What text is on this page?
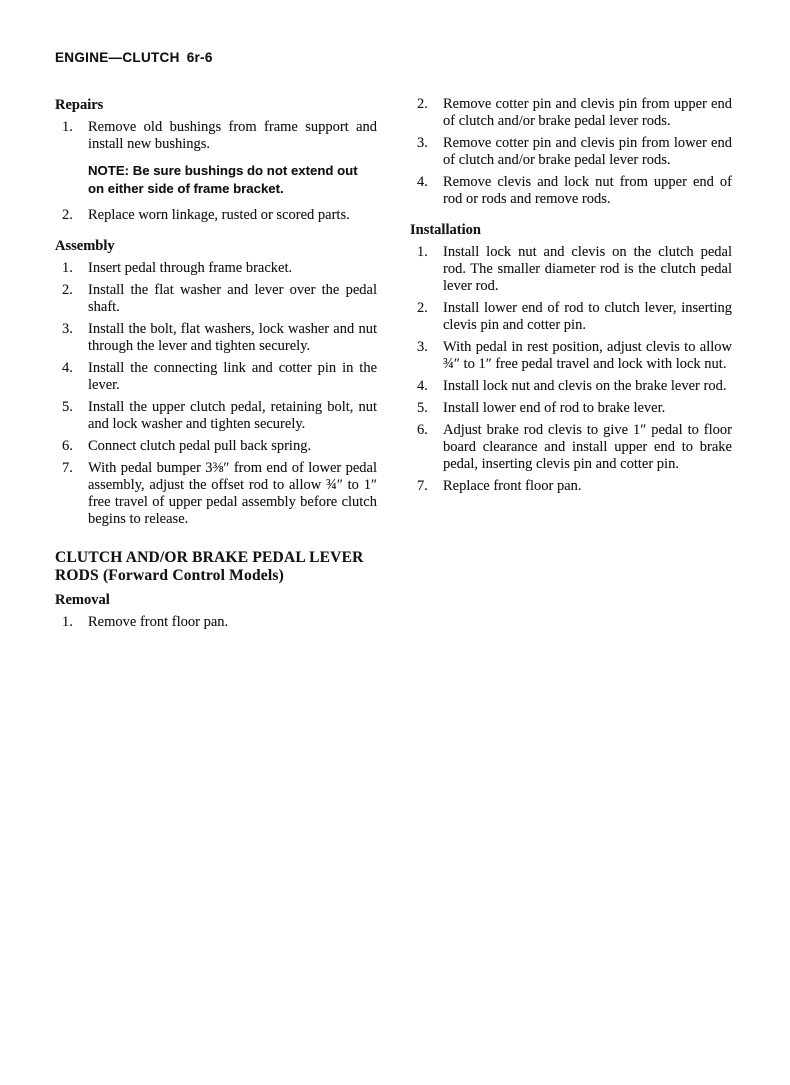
ENGINE—CLUTCH 6r-6
Repairs
1.	Remove old bushings from frame support and install new bushings.
NOTE: Be sure bushings do not extend out on either side of frame bracket.
2.	Replace worn linkage, rusted or scored parts.
Assembly
1.	Insert pedal through frame bracket.
2.	Install the flat washer and lever over the pedal shaft.
3.	Install the bolt, flat washers, lock washer and nut through the lever and tighten securely.
4.	Install the connecting link and cotter pin in the lever.
5.	Install the upper clutch pedal, retaining bolt, nut and lock washer and tighten securely.
6.	Connect clutch pedal pull back spring.
7.	With pedal bumper 3⅜″ from end of lower pedal assembly, adjust the offset rod to allow ¾″ to 1″ free travel of upper pedal assembly before clutch begins to release.
CLUTCH AND/OR BRAKE PEDAL LEVER RODS (Forward Control Models)
Removal
1.	Remove front floor pan.
2.	Remove cotter pin and clevis pin from upper end of clutch and/or brake pedal lever rods.
3.	Remove cotter pin and clevis pin from lower end of clutch and/or brake pedal lever rods.
4.	Remove clevis and lock nut from upper end of rod or rods and remove rods.
Installation
1.	Install lock nut and clevis on the clutch pedal rod. The smaller diameter rod is the clutch pedal lever rod.
2.	Install lower end of rod to clutch lever, inserting clevis pin and cotter pin.
3.	With pedal in rest position, adjust clevis to allow ¾″ to 1″ free pedal travel and lock with lock nut.
4.	Install lock nut and clevis on the brake lever rod.
5.	Install lower end of rod to brake lever.
6.	Adjust brake rod clevis to give 1″ pedal to floor board clearance and install upper end to brake pedal, inserting clevis pin and cotter pin.
7.	Replace front floor pan.
